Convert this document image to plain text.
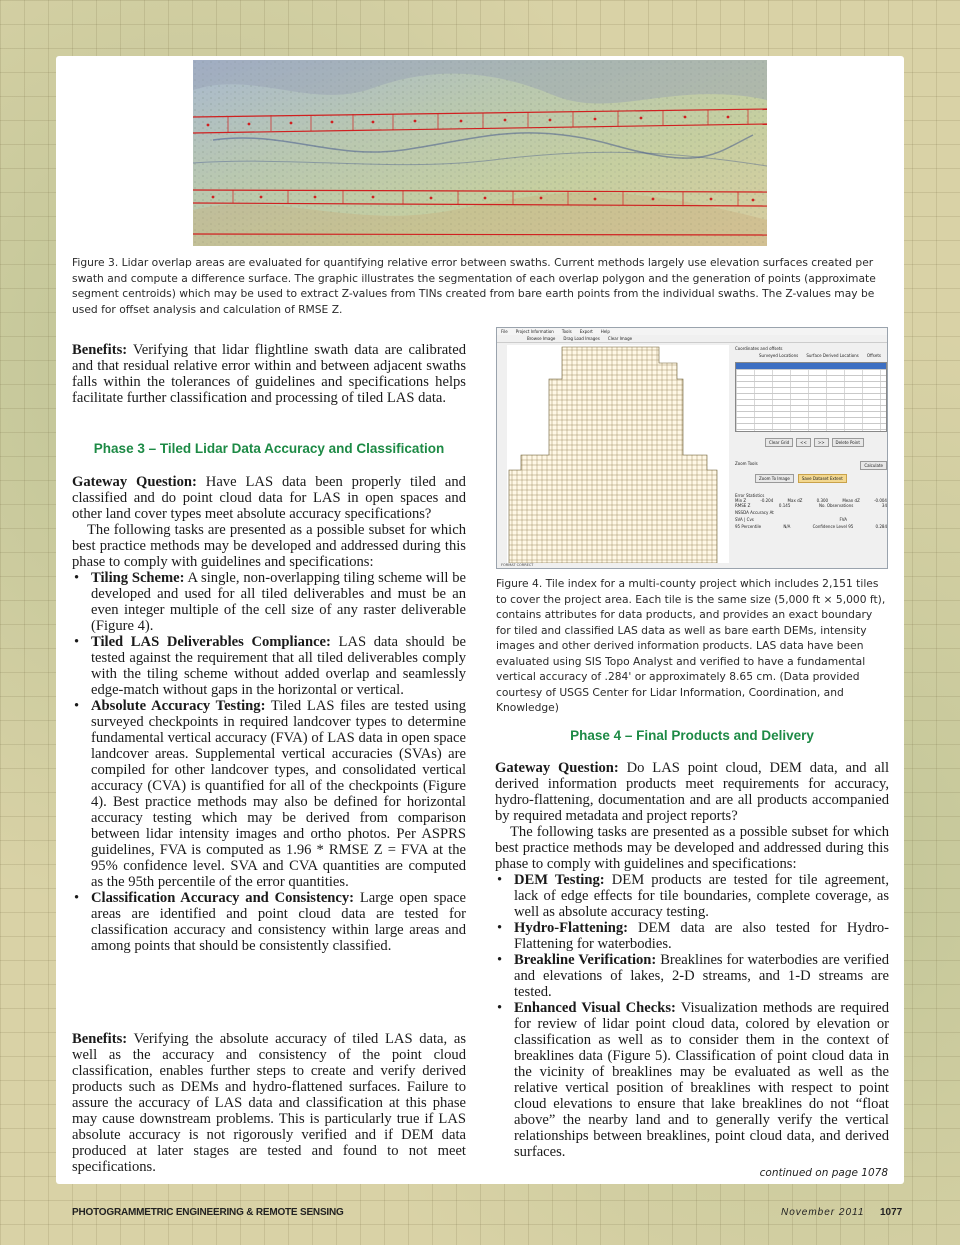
Figure 3. Lidar overlap areas are evaluated for quantifying relative error between swaths. Current methods largely use elevation surfaces created per swath and compute a difference surface. The graphic illustrates the segmentation of each overlap polygon and the generation of points (approximate segment centroids) which may be used to extract Z-values from TINs created from bare earth points from the individual swaths. The Z-values may be used for offset analysis and calculation of RMSE Z.
Benefits: Verifying that lidar flightline swath data are calibrated and that residual relative error within and between adjacent swaths falls within the tolerances of guidelines and specifications helps facilitate further classification and processing of tiled LAS data.
Phase 3 – Tiled Lidar Data Accuracy and Classification
Gateway Question: Have LAS data been properly tiled and classified and do point cloud data for LAS in open spaces and other land cover types meet absolute accuracy specifications?
The following tasks are presented as a possible subset for which best practice methods may be developed and addressed during this phase to comply with guidelines and specifications:
• Tiling Scheme: A single, non-overlapping tiling scheme will be developed and used for all tiled deliverables and must be an even integer multiple of the cell size of any raster deliverable (Figure 4).
• Tiled LAS Deliverables Compliance: LAS data should be tested against the requirement that all tiled deliverables comply with the tiling scheme without added overlap and seamlessly edge-match without gaps in the horizontal or vertical.
• Absolute Accuracy Testing: Tiled LAS files are tested using surveyed checkpoints in required landcover types to determine fundamental vertical accuracy (FVA) of LAS data in open space landcover areas. Supplemental vertical accuracies (SVAs) are compiled for other landcover types, and consolidated vertical accuracy (CVA) is quantified for all of the checkpoints (Figure 4). Best practice methods may also be defined for horizontal accuracy testing which may be derived from comparison between lidar intensity images and ortho photos. Per ASPRS guidelines, FVA is computed as 1.96 * RMSE Z = FVA at the 95% confidence level. SVA and CVA quantities are computed as the 95th percentile of the error quantities.
• Classification Accuracy and Consistency: Large open space areas are identified and point cloud data are tested for classification accuracy and consistency within large areas and among points that should be consistently classified.
Benefits: Verifying the absolute accuracy of tiled LAS data, as well as the accuracy and consistency of the point cloud classification, enables further steps to create and verify derived products such as DEMs and hydro-flattened surfaces. Failure to assure the accuracy of LAS data and classification at this phase may cause downstream problems. This is particularly true if LAS absolute accuracy is not rigorously verified and if DEM data produced at later stages are tested and found to not meet specifications.
File Project Information Tools Export Help
Browse Image Drag Load Images Clear Image
Coordinates and offsets
Surveyed Locations Surface Derived Locations Offsets
Clear Grid	<<	>>	Delete Point
Zoom Tools	Calculate
Zoom To Image	Save Dataset Extent
Error Statistics
Min Z	-0.204	Max dZ	0.300	Mean dZ	-0.004
RMSE Z	0.145	No. Observations	34
NSSDA Accuracy At
SVA | Cvs	FVA
95 Percentile	N/A	Confidence Level 95	0.284
FORMAT CORRECT
Figure 4. Tile index for a multi-county project which includes 2,151 tiles to cover the project area. Each tile is the same size (5,000 ft × 5,000 ft), contains attributes for data products, and provides an exact boundary for tiled and classified LAS data as well as bare earth DEMs, intensity images and other derived information products. LAS data have been evaluated using SIS Topo Analyst and verified to have a fundamental vertical accuracy of .284' or approximately 8.65 cm. (Data provided courtesy of USGS Center for Lidar Information, Coordination, and Knowledge)
Phase 4 – Final Products and Delivery
Gateway Question: Do LAS point cloud, DEM data, and all derived information products meet requirements for accuracy, hydro-flattening, documentation and are all products accompanied by required metadata and project reports?
The following tasks are presented as a possible subset for which best practice methods may be developed and addressed during this phase to comply with guidelines and specifications:
• DEM Testing: DEM products are tested for tile agreement, lack of edge effects for tile boundaries, complete coverage, as well as absolute accuracy testing.
• Hydro-Flattening: DEM data are also tested for Hydro-Flattening for waterbodies.
• Breakline Verification: Breaklines for waterbodies are verified and elevations of lakes, 2-D streams, and 1-D streams are tested.
• Enhanced Visual Checks: Visualization methods are required for review of lidar point cloud data, colored by elevation or classification as well as to consider them in the context of breaklines data (Figure 5). Classification of point cloud data in the vicinity of breaklines may be evaluated as well as the relative vertical position of breaklines with respect to point cloud elevations to ensure that lake breaklines do not “float above” the nearby land and to generally verify the vertical relationships between breaklines, point cloud data, and derived surfaces.
continued on page 1078
PHOTOGRAMMETRIC ENGINEERING & REMOTE SENSING	November 2011 1077
